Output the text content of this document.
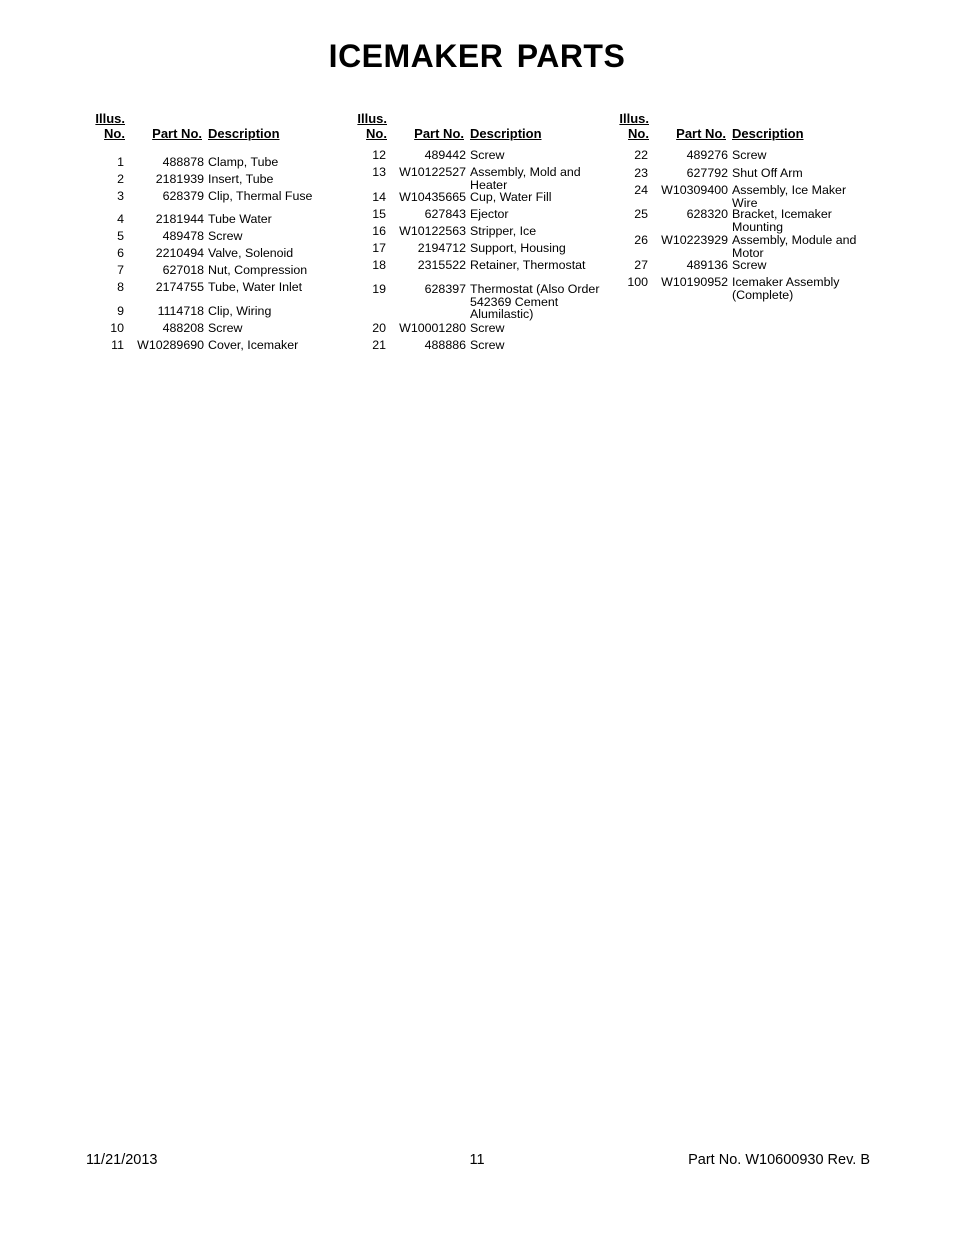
ICEMAKER PARTS
Illus.
No.	Part No. Description
1	488878 Clamp, Tube
2	2181939 Insert, Tube
3	628379 Clip, Thermal Fuse
4	2181944 Tube Water
5	489478 Screw
6	2210494 Valve, Solenoid
7	627018 Nut, Compression
8	2174755 Tube, Water Inlet
9	1114718 Clip, Wiring
10	488208 Screw
11	W10289690 Cover, Icemaker
Illus.
No.	Part No. Description
12	489442 Screw
13	W10122527 Assembly, Mold and Heater
14	W10435665 Cup, Water Fill
15	627843 Ejector
16	W10122563 Stripper, Ice
17	2194712 Support, Housing
18	2315522 Retainer, Thermostat
19	628397 Thermostat (Also Order 542369 Cement Alumilastic)
20	W10001280 Screw
21	488886 Screw
Illus.
No.	Part No. Description
22	489276 Screw
23	627792 Shut Off Arm
24	W10309400 Assembly, Ice Maker Wire
25	628320 Bracket, Icemaker Mounting
26	W10223929 Assembly, Module and Motor
27	489136 Screw
100	W10190952 Icemaker Assembly (Complete)
11/21/2013	11	Part No. W10600930 Rev. B
